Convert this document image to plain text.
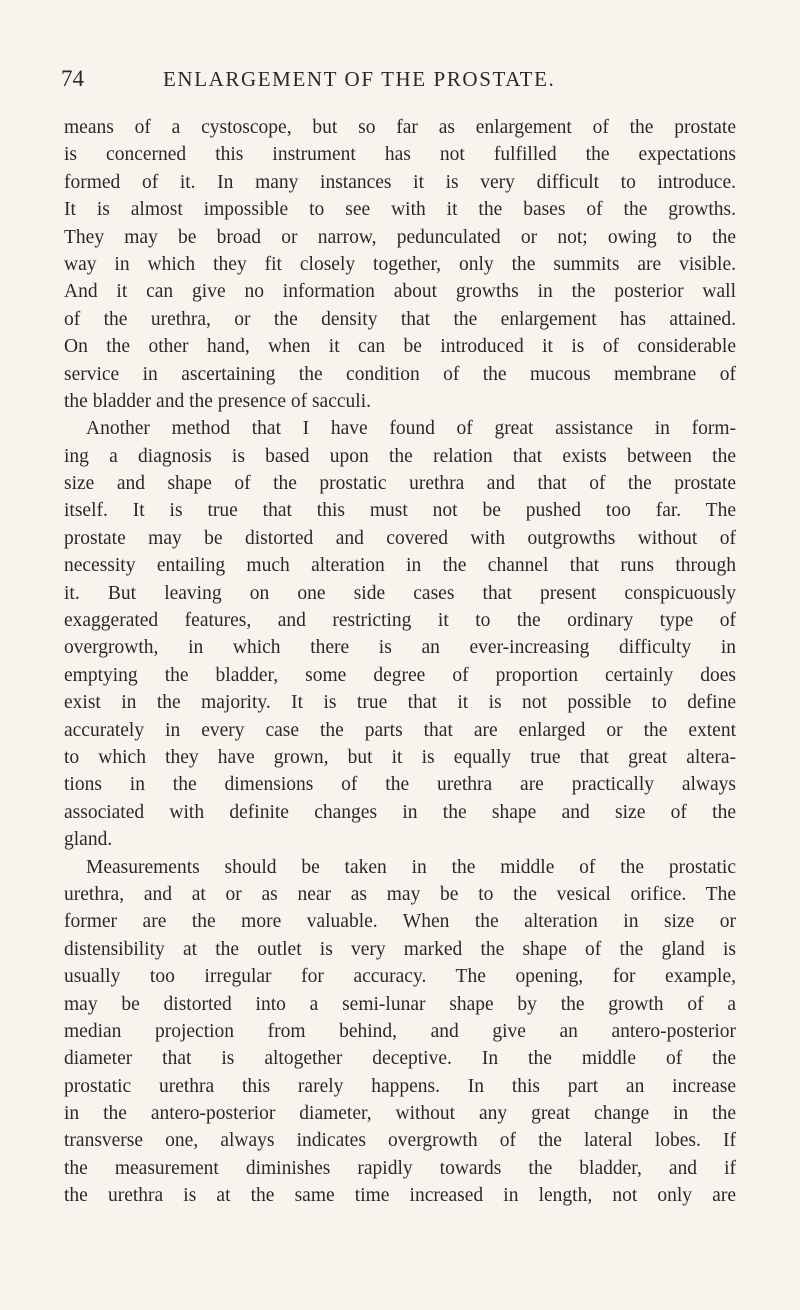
74	ENLARGEMENT OF THE PROSTATE.
means of a cystoscope, but so far as enlargement of the prostate
is concerned this instrument has not fulfilled the expectations
formed of it. In many instances it is very difficult to introduce.
It is almost impossible to see with it the bases of the growths.
They may be broad or narrow, pedunculated or not; owing to the
way in which they fit closely together, only the summits are visible.
And it can give no information about growths in the posterior wall
of the urethra, or the density that the enlargement has attained.
On the other hand, when it can be introduced it is of considerable
service in ascertaining the condition of the mucous membrane of
the bladder and the presence of sacculi.
Another method that I have found of great assistance in form-
ing a diagnosis is based upon the relation that exists between the
size and shape of the prostatic urethra and that of the prostate
itself. It is true that this must not be pushed too far. The
prostate may be distorted and covered with outgrowths without of
necessity entailing much alteration in the channel that runs through
it. But leaving on one side cases that present conspicuously
exaggerated features, and restricting it to the ordinary type of
overgrowth, in which there is an ever-increasing difficulty in
emptying the bladder, some degree of proportion certainly does
exist in the majority. It is true that it is not possible to define
accurately in every case the parts that are enlarged or the extent
to which they have grown, but it is equally true that great altera-
tions in the dimensions of the urethra are practically always
associated with definite changes in the shape and size of the
gland.
Measurements should be taken in the middle of the prostatic
urethra, and at or as near as may be to the vesical orifice. The
former are the more valuable. When the alteration in size or
distensibility at the outlet is very marked the shape of the gland is
usually too irregular for accuracy. The opening, for example,
may be distorted into a semi-lunar shape by the growth of a
median projection from behind, and give an antero-posterior
diameter that is altogether deceptive. In the middle of the
prostatic urethra this rarely happens. In this part an increase
in the antero-posterior diameter, without any great change in the
transverse one, always indicates overgrowth of the lateral lobes. If
the measurement diminishes rapidly towards the bladder, and if
the urethra is at the same time increased in length, not only are
